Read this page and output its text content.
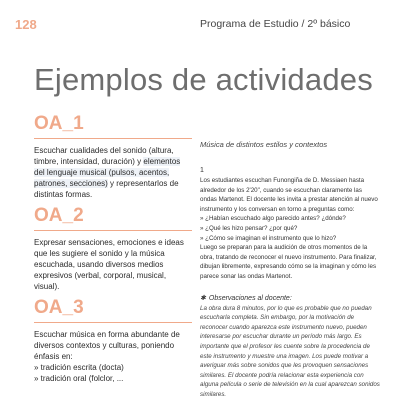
128	Programa de Estudio / 2º básico
Ejemplos de actividades
OA_1
Escuchar cualidades del sonido (altura, timbre, intensidad, duración) y elementos del lenguaje musical (pulsos, acentos, patrones, secciones) y representarlos de distintas formas.
OA_2
Expresar sensaciones, emociones e ideas que les sugiere el sonido y la música escuchada, usando diversos medios expresivos (verbal, corporal, musical, visual).
OA_3
Escuchar música en forma abundante de diversos contextos y culturas, poniendo énfasis en:
» tradición escrita (docta)
» tradición oral (folclor, ...
Música de distintos estilos y contextos
1

Los estudiantes escuchan Funongiña de D. Messiaen hasta alrededor de los 2'20", cuando se escuchan claramente las ondas Martenot. El docente les invita a prestar atención al nuevo instrumento y los conversan en torno a preguntas como:

» ¿Habían escuchado algo parecido antes? ¿dónde?

» ¿Qué les hizo pensar? ¿por qué?

» ¿Cómo se imaginan el instrumento que lo hizo?

Luego se preparan para la audición de otros momentos de la obra, tratando de reconocer el nuevo instrumento. Para finalizar, dibujan libremente, expresando cómo se la imaginan y cómo les parece sonar las ondas Martenot.

✱ Observaciones al docente:
La obra dura 8 minutos, por lo que es probable que no puedan escucharla completa. Sin embargo, por la motivación de reconocer cuando aparezca este instrumento nuevo, pueden interesarse por escuchar durante un período más largo. Es importante que el profesor les cuente sobre la procedencia de este instrumento y muestre una imagen. Los puede motivar a averiguar más sobre sonidos que les provoquen sensaciones similares. El docente podría relacionar esta experiencia con alguna película o serie de televisión en la cual aparezcan sonidos similares.
